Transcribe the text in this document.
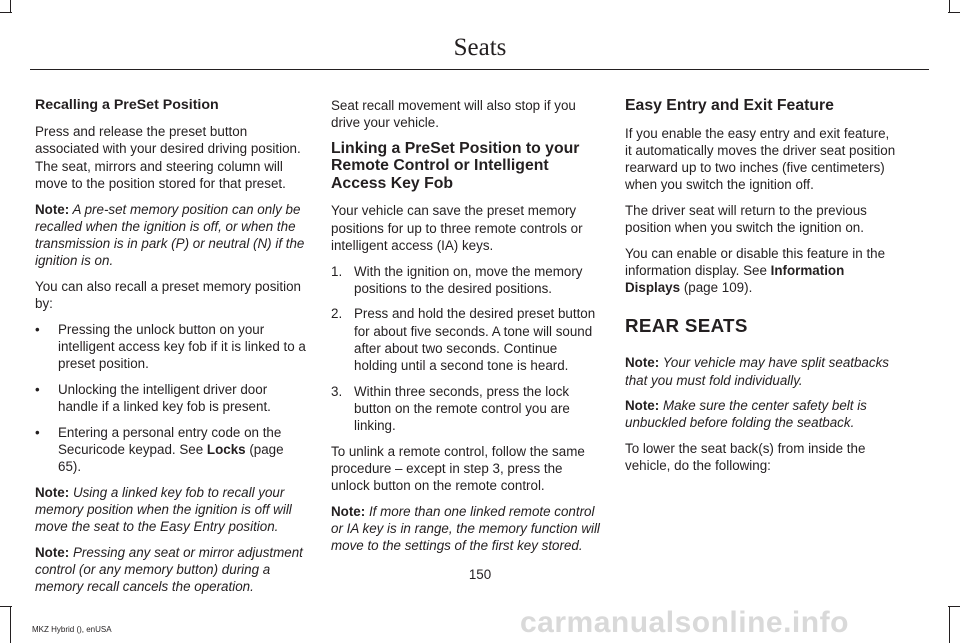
Seats
Recalling a PreSet Position

Press and release the preset button associated with your desired driving position. The seat, mirrors and steering column will move to the position stored for that preset.

Note: A pre-set memory position can only be recalled when the ignition is off, or when the transmission is in park (P) or neutral (N) if the ignition is on.

You can also recall a preset memory position by:

• Pressing the unlock button on your intelligent access key fob if it is linked to a preset position.
• Unlocking the intelligent driver door handle if a linked key fob is present.
• Entering a personal entry code on the Securicode keypad. See Locks (page 65).

Note: Using a linked key fob to recall your memory position when the ignition is off will move the seat to the Easy Entry position.

Note: Pressing any seat or mirror adjustment control (or any memory button) during a memory recall cancels the operation.

Seat recall movement will also stop if you drive your vehicle.

Linking a PreSet Position to your Remote Control or Intelligent Access Key Fob

Your vehicle can save the preset memory positions for up to three remote controls or intelligent access (IA) keys.

1. With the ignition on, move the memory positions to the desired positions.
2. Press and hold the desired preset button for about five seconds. A tone will sound after about two seconds. Continue holding until a second tone is heard.
3. Within three seconds, press the lock button on the remote control you are linking.

To unlink a remote control, follow the same procedure – except in step 3, press the unlock button on the remote control.

Note: If more than one linked remote control or IA key is in range, the memory function will move to the settings of the first key stored.

Easy Entry and Exit Feature

If you enable the easy entry and exit feature, it automatically moves the driver seat position rearward up to two inches (five centimeters) when you switch the ignition off.

The driver seat will return to the previous position when you switch the ignition on.

You can enable or disable this feature in the information display. See Information Displays (page 109).

REAR SEATS

Note: Your vehicle may have split seatbacks that you must fold individually.

Note: Make sure the center safety belt is unbuckled before folding the seatback.

To lower the seat back(s) from inside the vehicle, do the following:

150
MKZ Hybrid (), enUSA	carmanualsonline.info
